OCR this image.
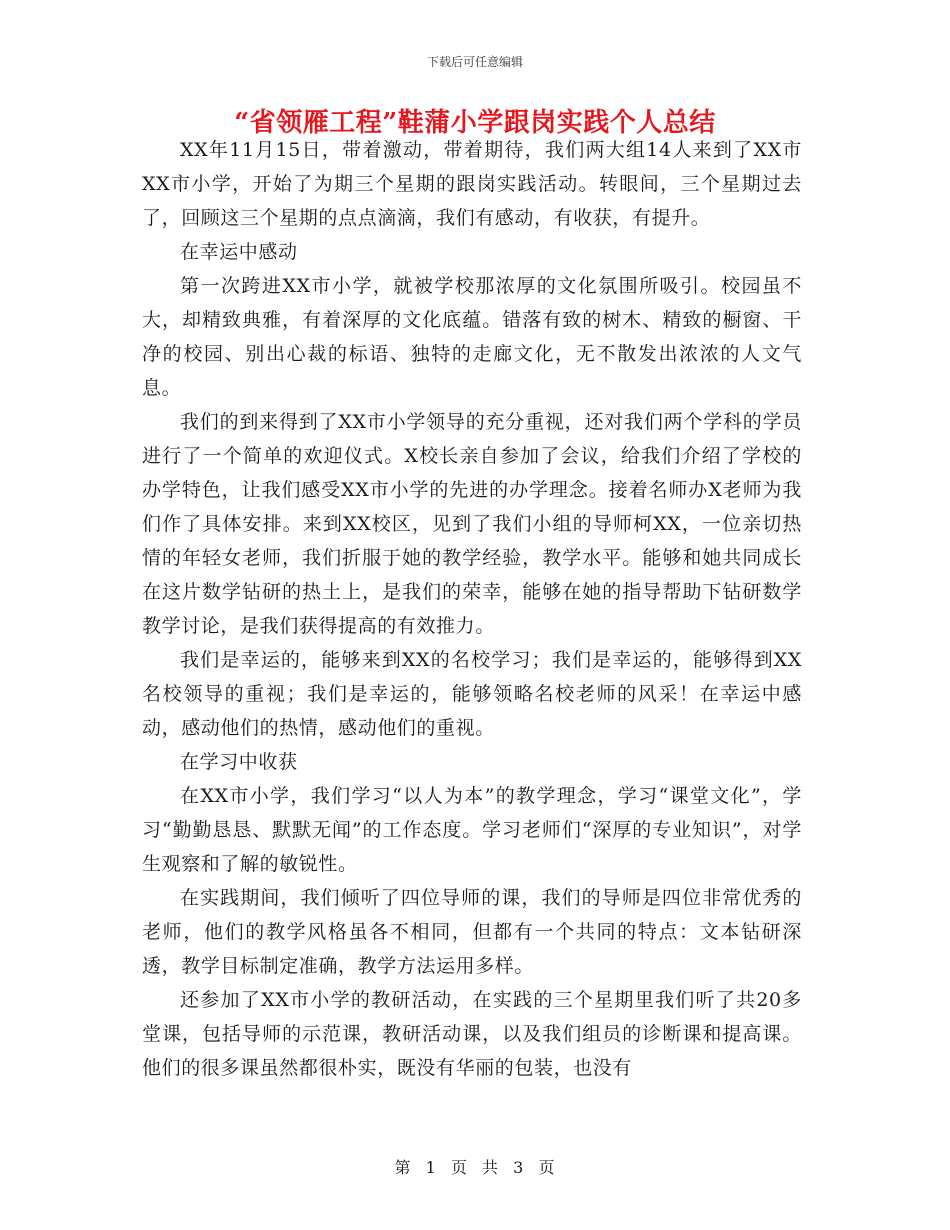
下载后可任意编辑
“省领雁工程”鞋蒲小学跟岗实践个人总结

XX年11月15日，带着激动，带着期待，我们两大组14人来到了XX市XX市小学，开始了为期三个星期的跟岗实践活动。转眼间，三个星期过去了，回顾这三个星期的点点滴滴，我们有感动，有收获，有提升。

在幸运中感动

第一次跨进XX市小学，就被学校那浓厚的文化氛围所吸引。校园虽不大，却精致典雅，有着深厚的文化底蕴。错落有致的树木、精致的橱窗、干净的校园、别出心裁的标语、独特的走廊文化，无不散发出浓浓的人文气息。

我们的到来得到了XX市小学领导的充分重视，还对我们两个学科的学员进行了一个简单的欢迎仪式。X校长亲自参加了会议，给我们介绍了学校的办学特色，让我们感受XX市小学的先进的办学理念。接着名师办X老师为我们作了具体安排。来到XX校区，见到了我们小组的导师柯XX，一位亲切热情的年轻女老师，我们折服于她的教学经验，教学水平。能够和她共同成长在这片数学钻研的热土上，是我们的荣幸，能够在她的指导帮助下钻研数学教学讨论，是我们获得提高的有效推力。

我们是幸运的，能够来到XX的名校学习；我们是幸运的，能够得到XX名校领导的重视；我们是幸运的，能够领略名校老师的风采！在幸运中感动，感动他们的热情，感动他们的重视。

在学习中收获

在XX市小学，我们学习“以人为本”的教学理念，学习“课堂文化”，学习“勤勤恳恳、默默无闻”的工作态度。学习老师们“深厚的专业知识”，对学生观察和了解的敏锐性。

在实践期间，我们倾听了四位导师的课，我们的导师是四位非常优秀的老师，他们的教学风格虽各不相同，但都有一个共同的特点：文本钻研深透，教学目标制定准确，教学方法运用多样。

还参加了XX市小学的教研活动，在实践的三个星期里我们听了共20多堂课，包括导师的示范课，教研活动课，以及我们组员的诊断课和提高课。他们的很多课虽然都很朴实，既没有华丽的包装，也没有

第 1 页 共 3 页
